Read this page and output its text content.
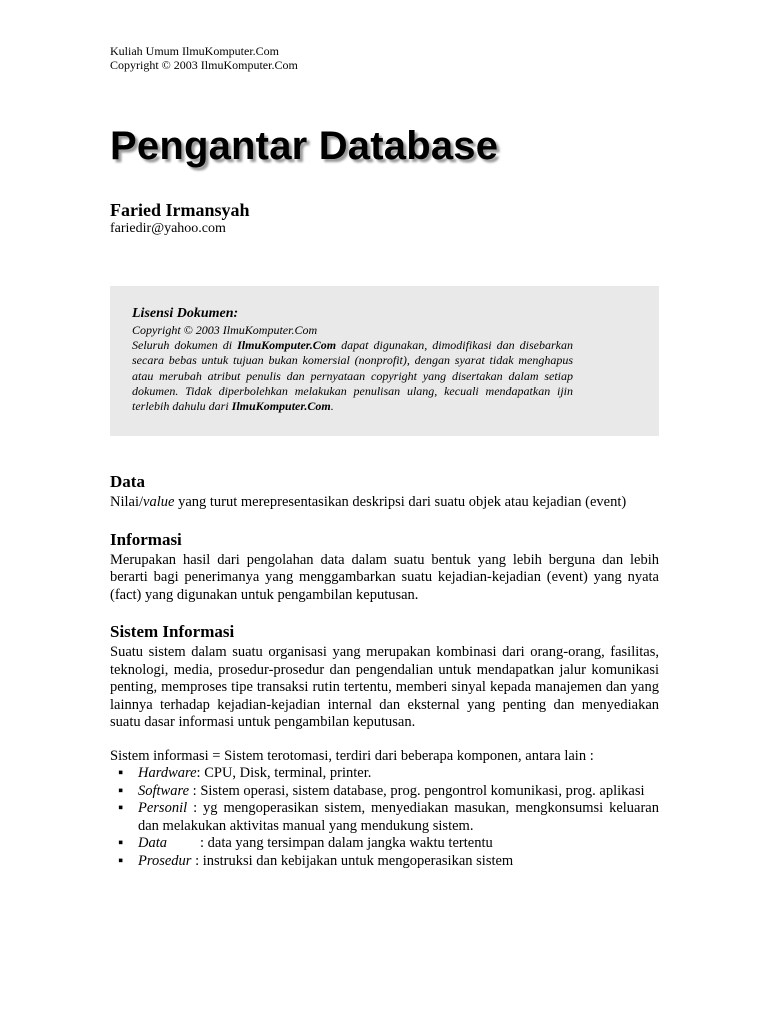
Kuliah Umum IlmuKomputer.Com
Copyright © 2003 IlmuKomputer.Com
Pengantar Database
Faried Irmansyah
fariedir@yahoo.com
Lisensi Dokumen:
Copyright © 2003 IlmuKomputer.Com
Seluruh dokumen di IlmuKomputer.Com dapat digunakan, dimodifikasi dan disebarkan secara bebas untuk tujuan bukan komersial (nonprofit), dengan syarat tidak menghapus atau merubah atribut penulis dan pernyataan copyright yang disertakan dalam setiap dokumen. Tidak diperbolehkan melakukan penulisan ulang, kecuali mendapatkan ijin terlebih dahulu dari IlmuKomputer.Com.
Data

Nilai/value yang turut merepresentasikan deskripsi dari suatu objek atau kejadian (event)

Informasi

Merupakan hasil dari pengolahan data dalam suatu bentuk yang lebih berguna dan lebih berarti bagi penerimanya yang menggambarkan suatu kejadian-kejadian (event) yang nyata (fact) yang digunakan untuk pengambilan keputusan.

Sistem Informasi

Suatu sistem dalam suatu organisasi yang merupakan kombinasi dari orang-orang, fasilitas, teknologi, media, prosedur-prosedur dan pengendalian untuk mendapatkan jalur komunikasi penting, memproses tipe transaksi rutin tertentu, memberi sinyal kepada manajemen dan yang lainnya terhadap kejadian-kejadian internal dan eksternal yang penting dan menyediakan suatu dasar informasi untuk pengambilan keputusan.

Sistem informasi = Sistem terotomasi, terdiri dari beberapa komponen, antara lain :

▪ Hardware: CPU, Disk, terminal, printer.
▪ Software : Sistem operasi, sistem database, prog. pengontrol komunikasi, prog. aplikasi
▪ Personil : yg mengoperasikan sistem, menyediakan masukan, mengkonsumsi keluaran dan melakukan aktivitas manual yang mendukung sistem.
▪ Data : data yang tersimpan dalam jangka waktu tertentu
▪ Prosedur : instruksi dan kebijakan untuk mengoperasikan sistem
